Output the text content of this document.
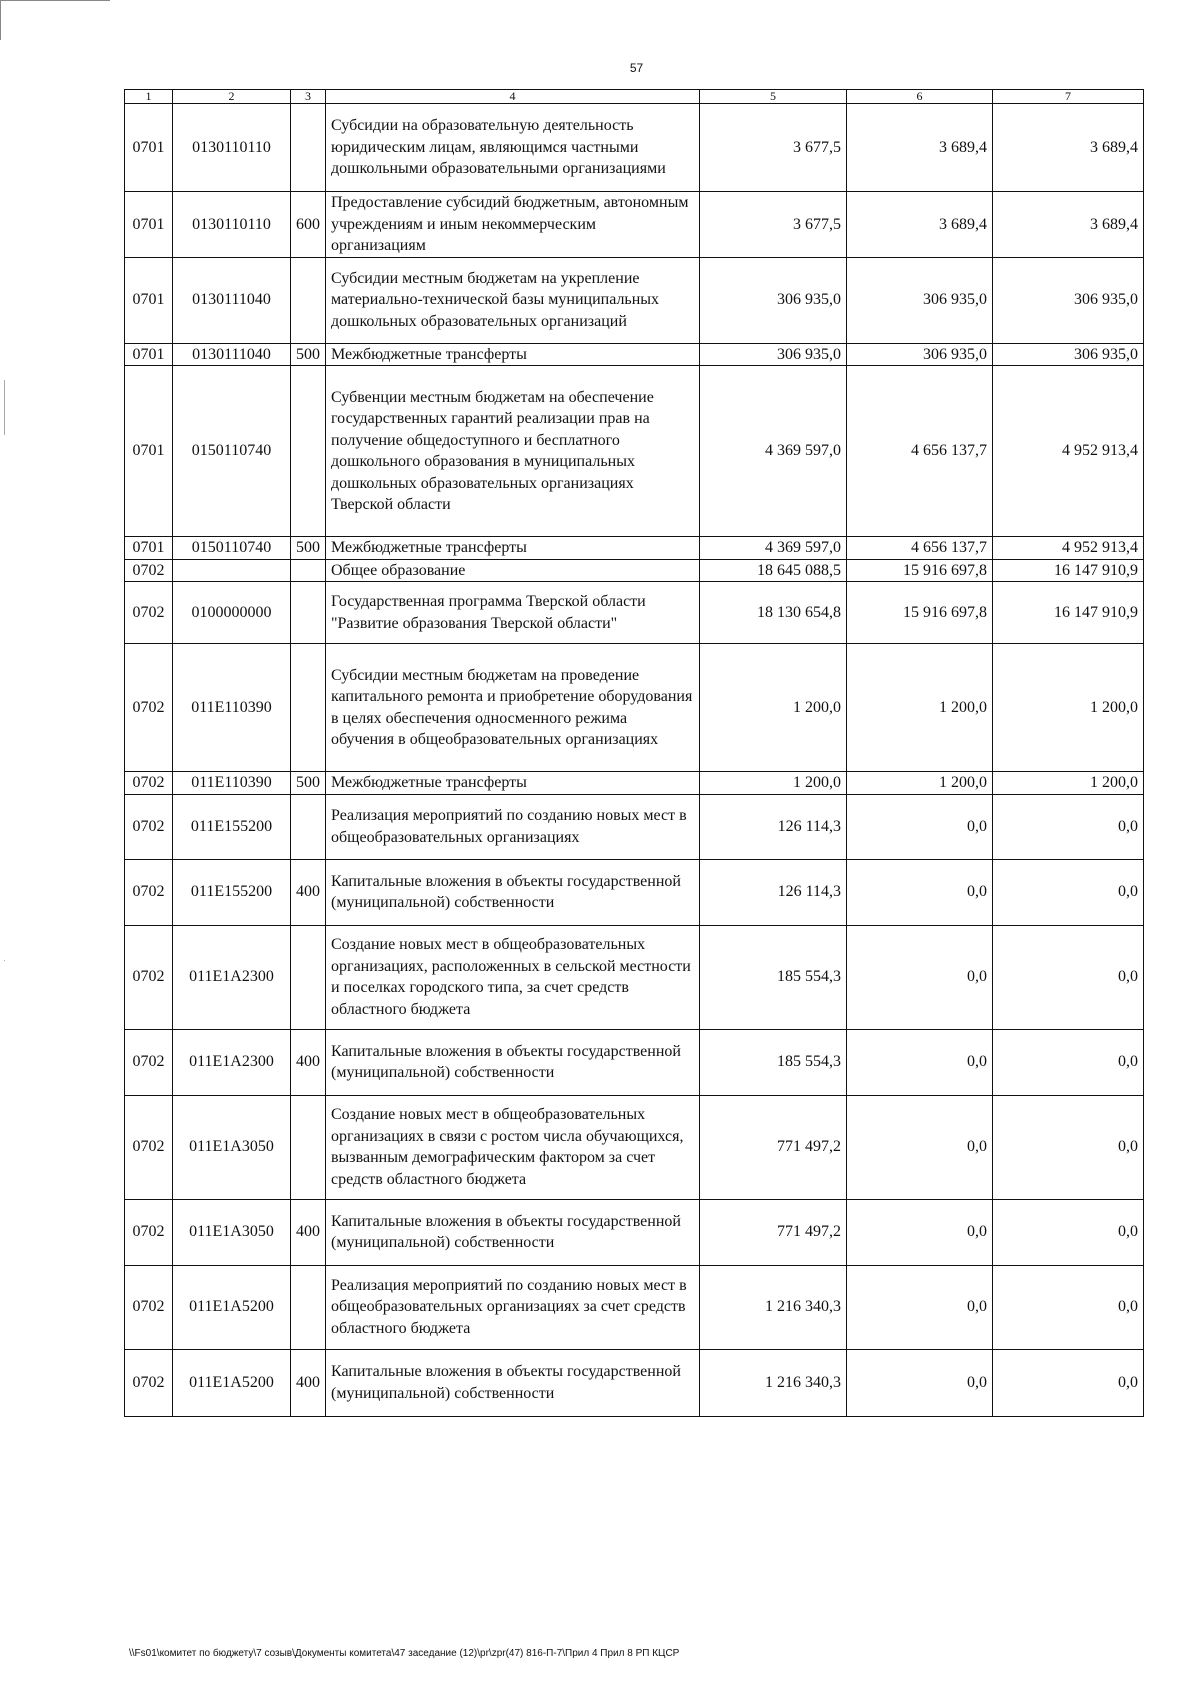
57
1	2	3	4	5	6	7
0701	0130110110		Субсидии на образовательную деятельность юридическим лицам, являющимся частными дошкольными образовательными организациями	3 677,5	3 689,4	3 689,4
0701	0130110110	600	Предоставление субсидий бюджетным, автономным учреждениям и иным некоммерческим организациям	3 677,5	3 689,4	3 689,4
0701	0130111040		Субсидии местным бюджетам на укрепление материально-технической базы муниципальных дошкольных образовательных организаций	306 935,0	306 935,0	306 935,0
0701	0130111040	500	Межбюджетные трансферты	306 935,0	306 935,0	306 935,0
0701	0150110740		Субвенции местным бюджетам на обеспечение государственных гарантий реализации прав на получение общедоступного и бесплатного дошкольного образования в муниципальных дошкольных образовательных организациях Тверской области	4 369 597,0	4 656 137,7	4 952 913,4
0701	0150110740	500	Межбюджетные трансферты	4 369 597,0	4 656 137,7	4 952 913,4
0702			Общее образование	18 645 088,5	15 916 697,8	16 147 910,9
0702	0100000000		Государственная программа Тверской области "Развитие образования Тверской области"	18 130 654,8	15 916 697,8	16 147 910,9
0702	011E110390		Субсидии местным бюджетам на проведение капитального ремонта и приобретение оборудования в целях обеспечения односменного режима обучения в общеобразовательных организациях	1 200,0	1 200,0	1 200,0
0702	011E110390	500	Межбюджетные трансферты	1 200,0	1 200,0	1 200,0
0702	011E155200		Реализация мероприятий по созданию новых мест в общеобразовательных организациях	126 114,3	0,0	0,0
0702	011E155200	400	Капитальные вложения в объекты государственной (муниципальной) собственности	126 114,3	0,0	0,0
0702	011E1A2300		Создание новых мест в общеобразовательных организациях, расположенных в сельской местности и поселках городского типа, за счет средств областного бюджета	185 554,3	0,0	0,0
0702	011E1A2300	400	Капитальные вложения в объекты государственной (муниципальной) собственности	185 554,3	0,0	0,0
0702	011E1A3050		Создание новых мест в общеобразовательных организациях в связи с ростом числа обучающихся, вызванным демографическим фактором за счет средств областного бюджета	771 497,2	0,0	0,0
0702	011E1A3050	400	Капитальные вложения в объекты государственной (муниципальной) собственности	771 497,2	0,0	0,0
0702	011E1A5200		Реализация мероприятий по созданию новых мест в общеобразовательных организациях за счет средств областного бюджета	1 216 340,3	0,0	0,0
0702	011E1A5200	400	Капитальные вложения в объекты государственной (муниципальной) собственности	1 216 340,3	0,0	0,0
\\Fs01\комитет по бюджету\7 созыв\Документы комитета\47 заседание (12)\pr\zpr(47) 816-П-7\Прил 4 Прил 8 РП КЦСР
